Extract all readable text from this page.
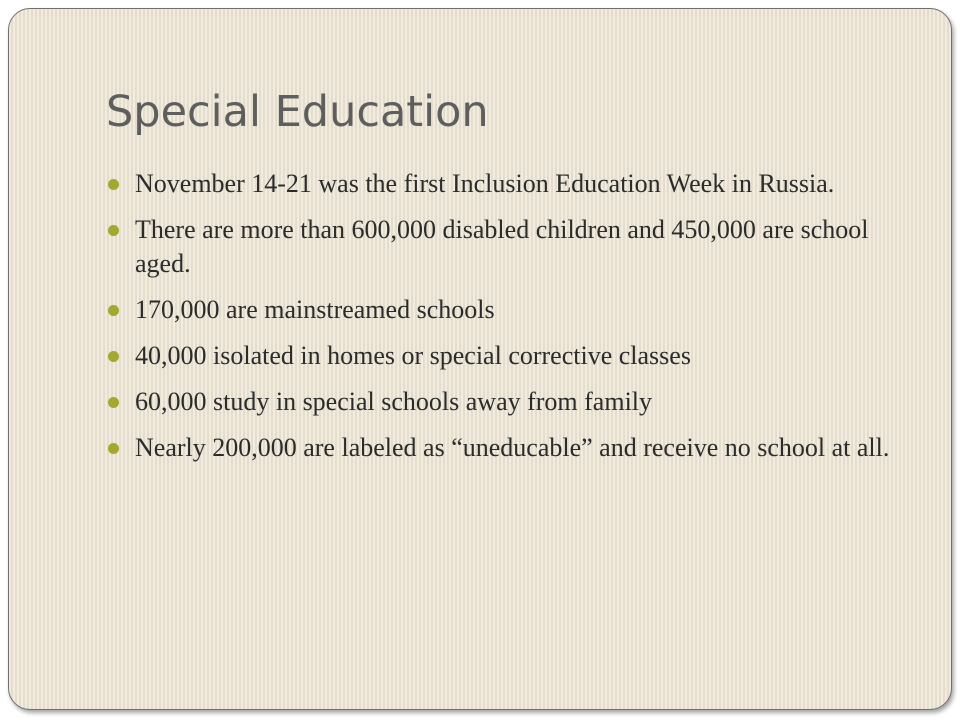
Special Education
November 14-21 was the first Inclusion Education Week in Russia.
There are more than 600,000 disabled children and 450,000 are school aged.
170,000 are mainstreamed schools
40,000 isolated in homes or special corrective classes
60,000 study in special schools away from family
Nearly 200,000 are labeled as “uneducable” and receive no school at all.
